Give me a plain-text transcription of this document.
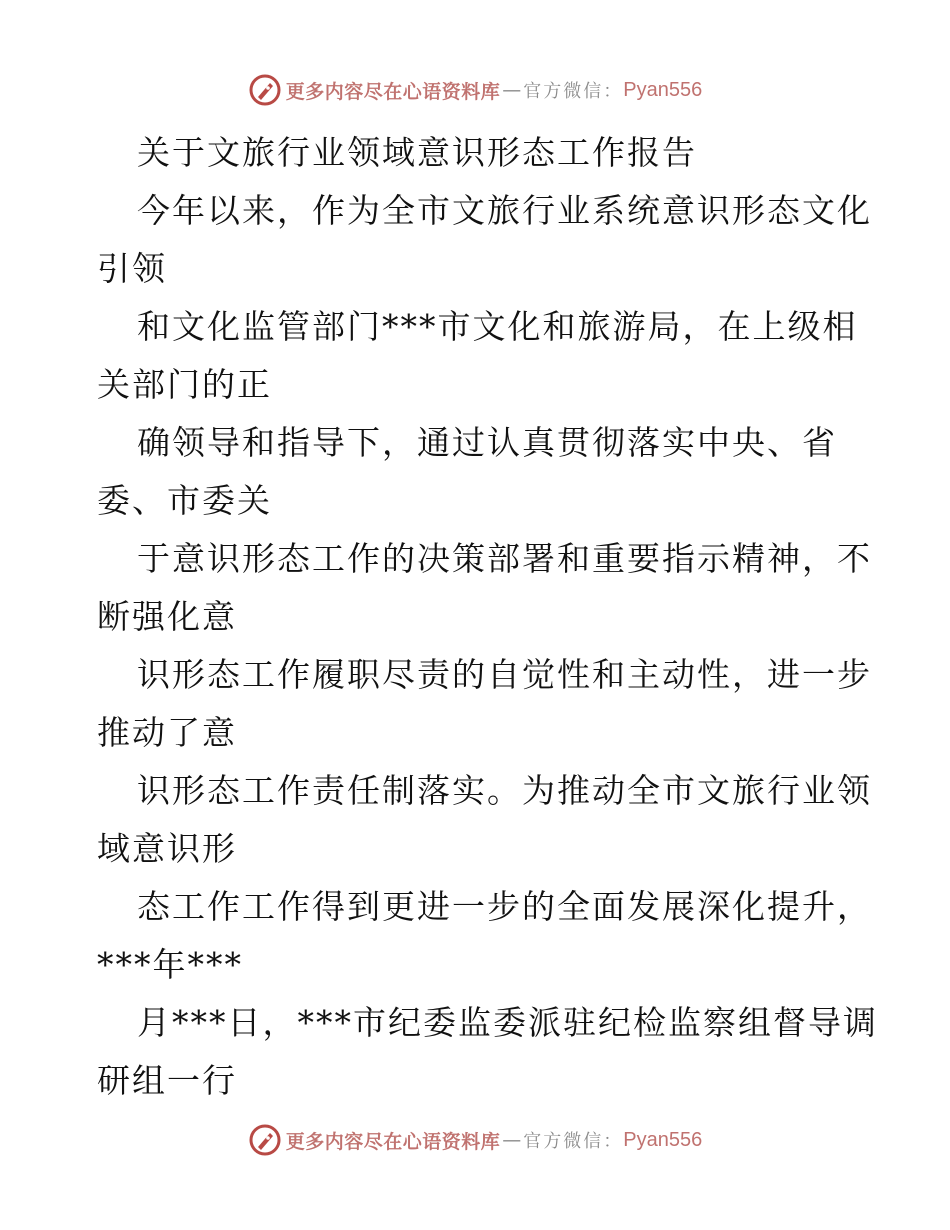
更多内容尽在心语资料库 — 官方微信： Pyan556
关于文旅行业领域意识形态工作报告
今年以来，作为全市文旅行业系统意识形态文化
引领
和文化监管部门***市文化和旅游局，在上级相
关部门的正
确领导和指导下，通过认真贯彻落实中央、省
委、市委关
于意识形态工作的决策部署和重要指示精神，不
断强化意
识形态工作履职尽责的自觉性和主动性，进一步
推动了意
识形态工作责任制落实。为推动全市文旅行业领
域意识形
态工作工作得到更进一步的全面发展深化提升，
***年***
月***日，***市纪委监委派驻纪检监察组督导调
研组一行
更多内容尽在心语资料库 — 官方微信： Pyan556
